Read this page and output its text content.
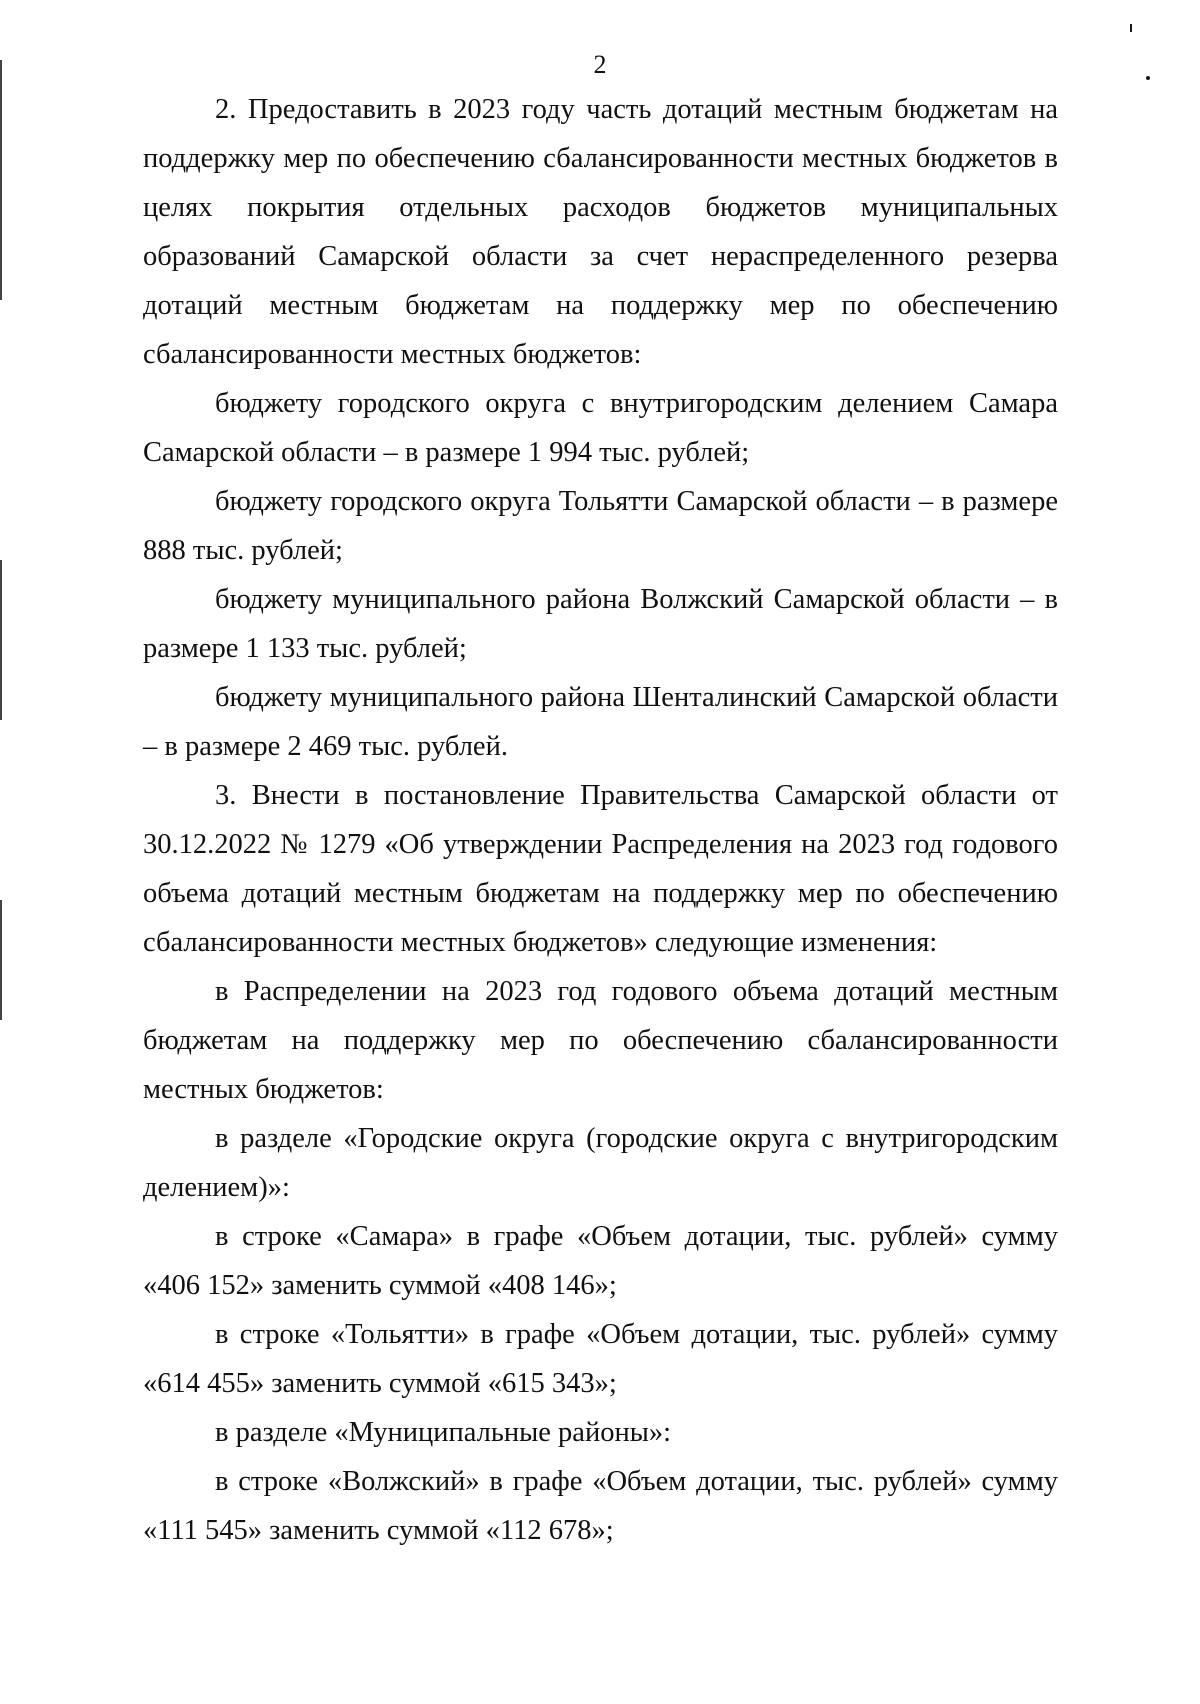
2

2. Предоставить в 2023 году часть дотаций местным бюджетам на поддержку мер по обеспечению сбалансированности местных бюджетов в целях покрытия отдельных расходов бюджетов муниципальных образований Самарской области за счет нераспределенного резерва дотаций местным бюджетам на поддержку мер по обеспечению сбалансированности местных бюджетов:

бюджету городского округа с внутригородским делением Самара Самарской области – в размере 1 994 тыс. рублей;

бюджету городского округа Тольятти Самарской области – в размере 888 тыс. рублей;

бюджету муниципального района Волжский Самарской области – в размере 1 133 тыс. рублей;

бюджету муниципального района Шенталинский Самарской области – в размере 2 469 тыс. рублей.

3. Внести в постановление Правительства Самарской области от 30.12.2022 № 1279 «Об утверждении Распределения на 2023 год годового объема дотаций местным бюджетам на поддержку мер по обеспечению сбалансированности местных бюджетов» следующие изменения:

в Распределении на 2023 год годового объема дотаций местным бюджетам на поддержку мер по обеспечению сбалансированности местных бюджетов:

в разделе «Городские округа (городские округа с внутригородским делением)»:

в строке «Самара» в графе «Объем дотации, тыс. рублей» сумму «406 152» заменить суммой «408 146»;

в строке «Тольятти» в графе «Объем дотации, тыс. рублей» сумму «614 455» заменить суммой «615 343»;

в разделе «Муниципальные районы»:

в строке «Волжский» в графе «Объем дотации, тыс. рублей» сумму «111 545» заменить суммой «112 678»;
